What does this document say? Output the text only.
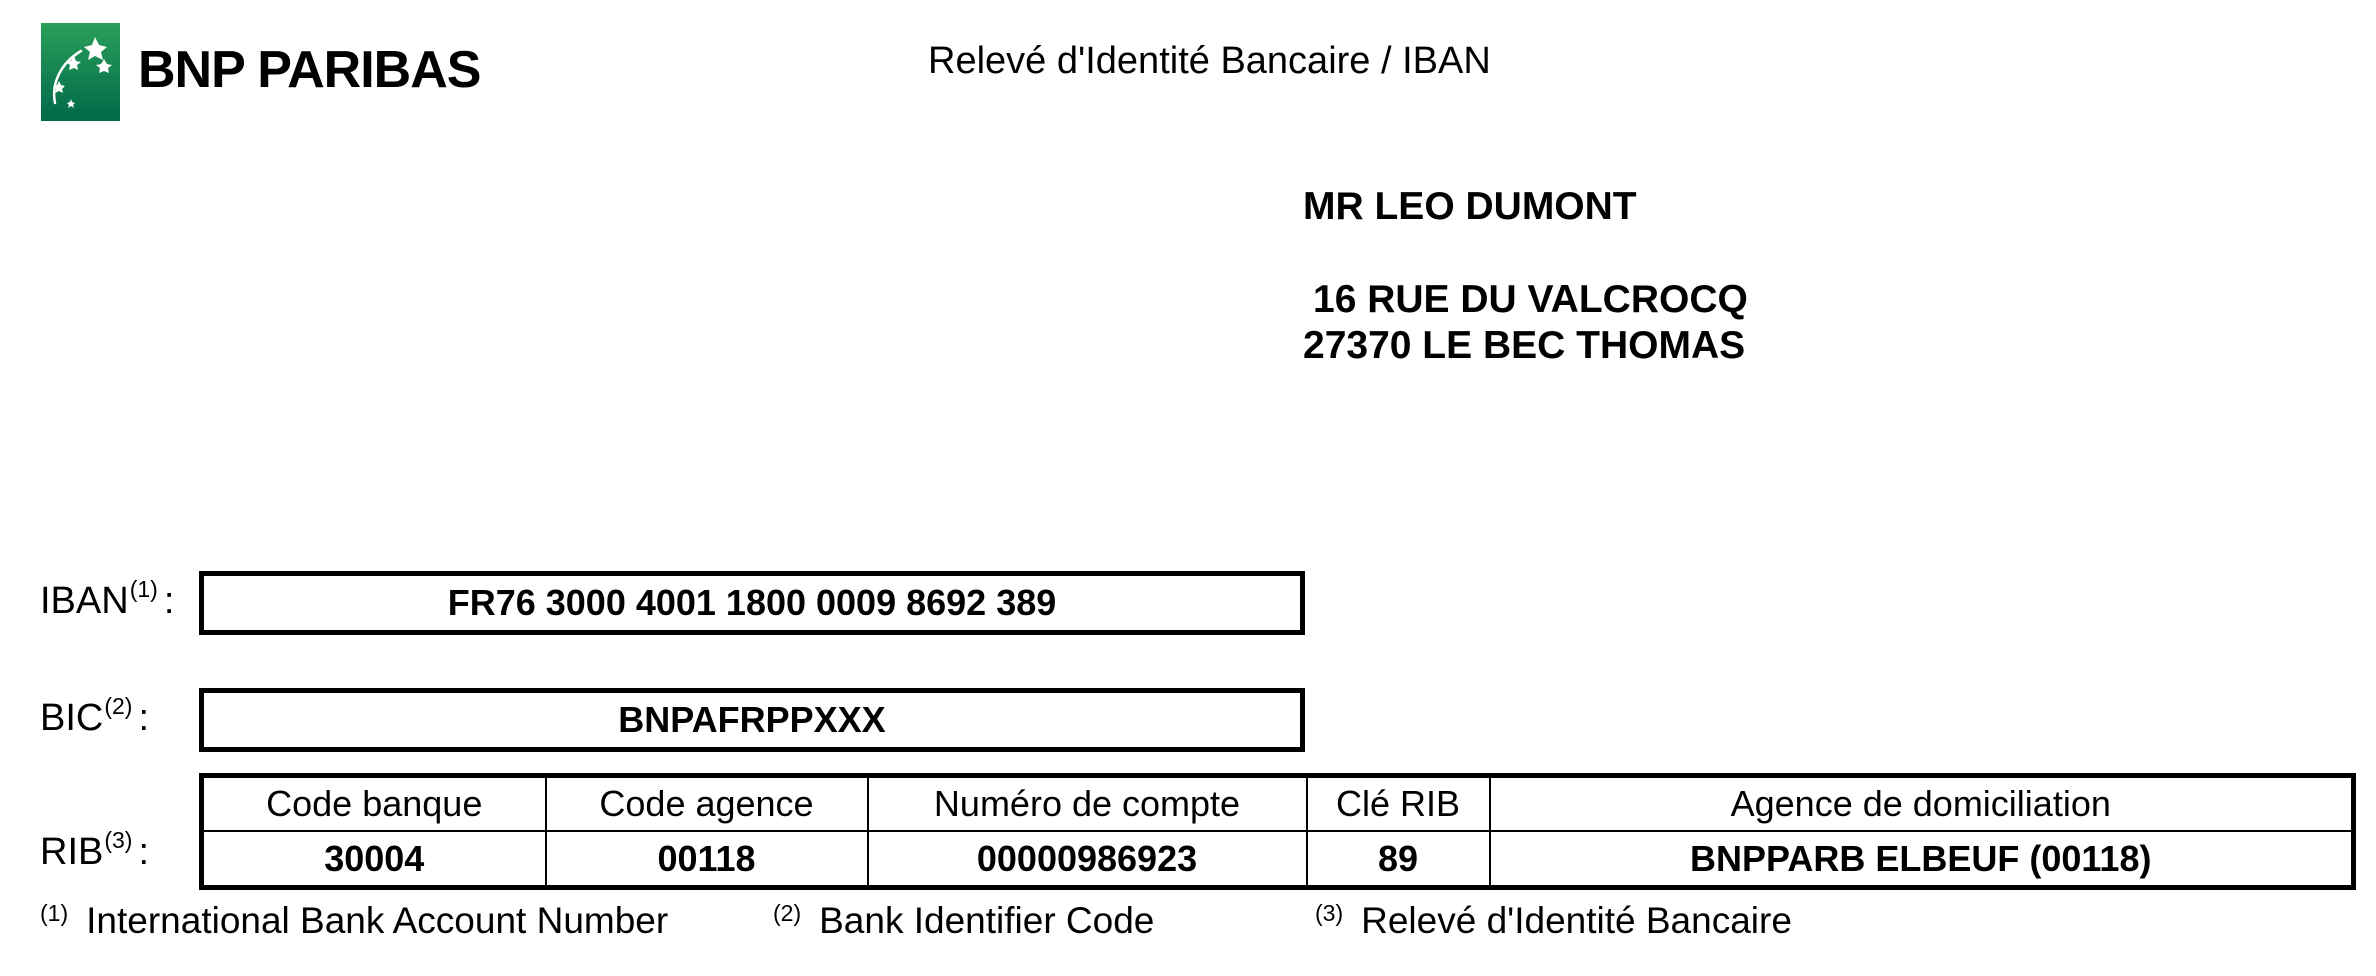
BNP PARIBAS	Relevé d'Identité Bancaire / IBAN
MR LEO DUMONT
16 RUE DU VALCROCQ
27370 LE BEC THOMAS
IBAN$^{(1)}$ :	FR76 3000 4001 1800 0009 8692 389
BIC$^{(2)}$ :	BNPAFRPPXXX
RIB$^{(3)}$ :
Code banque	Code agence	Numéro de compte	Clé RIB	Agence de domiciliation
30004	00118	00000986923	89	BNPPARB ELBEUF (00118)
(1) International Bank Account Number	(2) Bank Identifier Code	(3) Relevé d'Identité Bancaire
